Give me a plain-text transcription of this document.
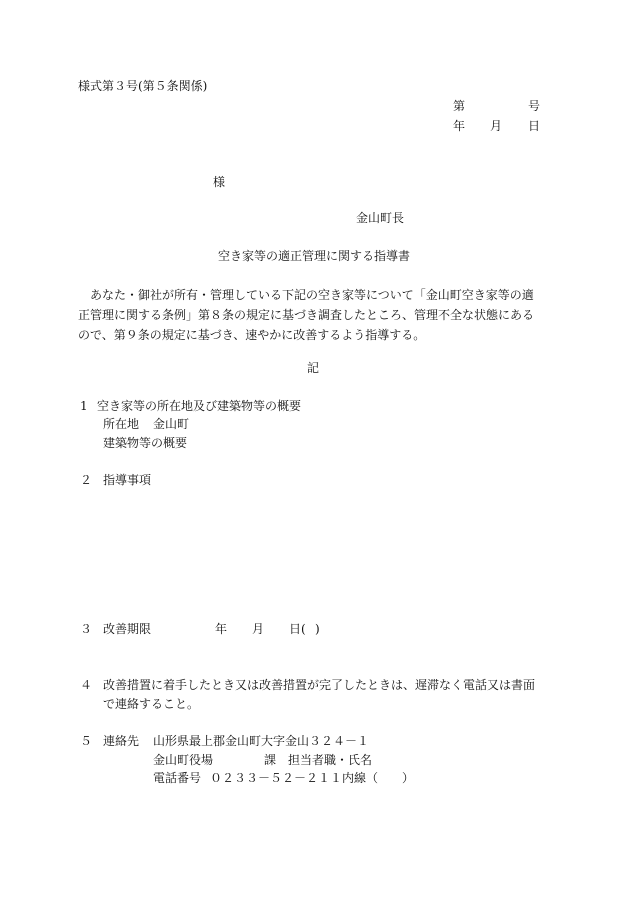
様式第３号(第５条関係)
第	号
年 月 日
様
金山町長
空き家等の適正管理に関する指導書
あなた・御社が所有・管理している下記の空き家等について「金山町空き家等の適
正管理に関する条例」第８条の規定に基づき調査したところ、管理不全な状態にある
ので、第９条の規定に基づき、速やかに改善するよう指導する。
記
1 空き家等の所在地及び建築物等の概要
所在地 金山町
建築物等の概要
２ 指導事項
３ 改善期限	年 月 日( )
４ 改善措置に着手したとき又は改善措置が完了したときは、遅滞なく電話又は書面
で連絡すること。
５ 連絡先 山形県最上郡金山町大字金山３２４－１
金山町役場	課　担当者職・氏名
電話番号 ０２３３－５２－２１１内線（　　）
